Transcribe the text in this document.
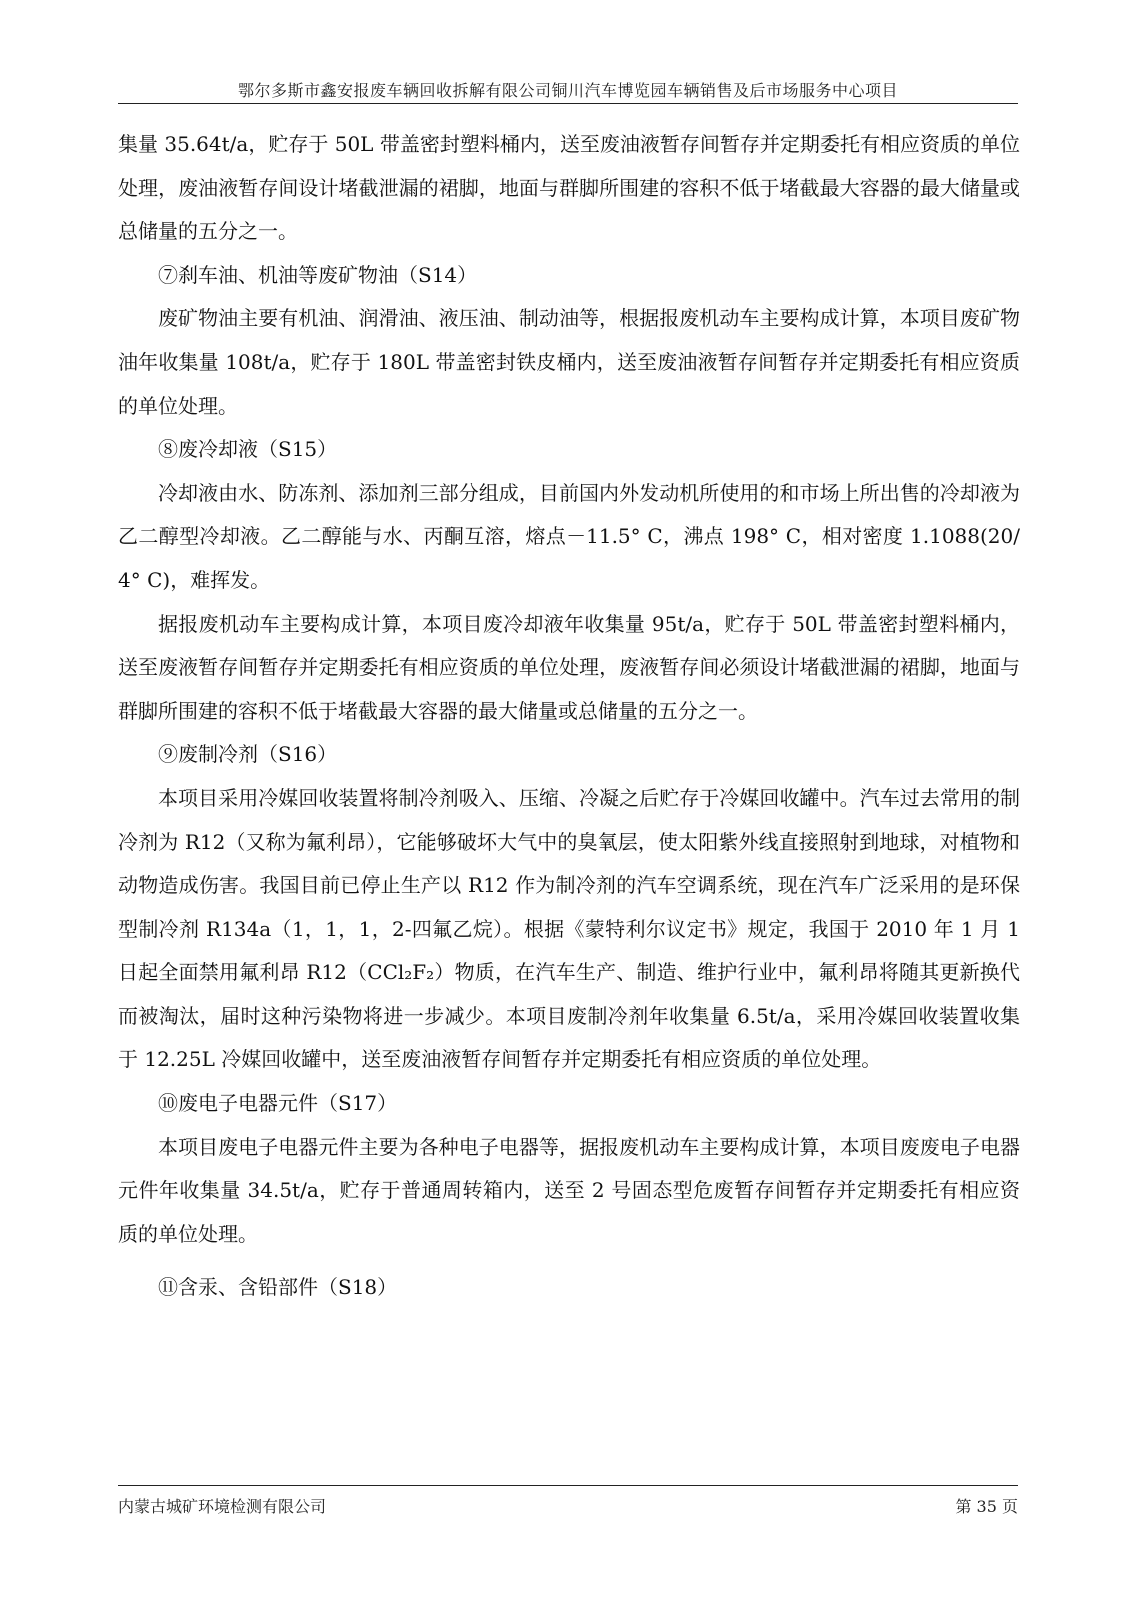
鄂尔多斯市鑫安报废车辆回收拆解有限公司铜川汽车博览园车辆销售及后市场服务中心项目

集量 35.64t/a，贮存于 50L 带盖密封塑料桶内，送至废油液暂存间暂存并定期委托有相应资质的单位处理，废油液暂存间设计堵截泄漏的裙脚，地面与群脚所围建的容积不低于堵截最大容器的最大储量或总储量的五分之一。

⑦刹车油、机油等废矿物油（S14）

废矿物油主要有机油、润滑油、液压油、制动油等，根据报废机动车主要构成计算，本项目废矿物油年收集量 108t/a，贮存于 180L 带盖密封铁皮桶内，送至废油液暂存间暂存并定期委托有相应资质的单位处理。

⑧废冷却液（S15）

冷却液由水、防冻剂、添加剂三部分组成，目前国内外发动机所使用的和市场上所出售的冷却液为乙二醇型冷却液。乙二醇能与水、丙酮互溶，熔点－11.5° C，沸点 198° C，相对密度 1.1088(20/4° C)，难挥发。

据报废机动车主要构成计算，本项目废冷却液年收集量 95t/a，贮存于 50L 带盖密封塑料桶内，送至废液暂存间暂存并定期委托有相应资质的单位处理，废液暂存间必须设计堵截泄漏的裙脚，地面与群脚所围建的容积不低于堵截最大容器的最大储量或总储量的五分之一。

⑨废制冷剂（S16）

本项目采用冷媒回收装置将制冷剂吸入、压缩、冷凝之后贮存于冷媒回收罐中。汽车过去常用的制冷剂为 R12（又称为氟利昂），它能够破坏大气中的臭氧层，使太阳紫外线直接照射到地球，对植物和动物造成伤害。我国目前已停止生产以 R12 作为制冷剂的汽车空调系统，现在汽车广泛采用的是环保型制冷剂 R134a（1，1，1，2-四氟乙烷）。根据《蒙特利尔议定书》规定，我国于 2010 年 1 月 1 日起全面禁用氟利昂 R12（CCl₂F₂）物质，在汽车生产、制造、维护行业中，氟利昂将随其更新换代而被淘汰，届时这种污染物将进一步减少。本项目废制冷剂年收集量 6.5t/a，采用冷媒回收装置收集于 12.25L 冷媒回收罐中，送至废油液暂存间暂存并定期委托有相应资质的单位处理。

⑩废电子电器元件（S17）

本项目废电子电器元件主要为各种电子电器等，据报废机动车主要构成计算，本项目废废电子电器元件年收集量 34.5t/a，贮存于普通周转箱内，送至 2 号固态型危废暂存间暂存并定期委托有相应资质的单位处理。

⑪含汞、含铅部件（S18）

内蒙古城矿环境检测有限公司	第 35 页
